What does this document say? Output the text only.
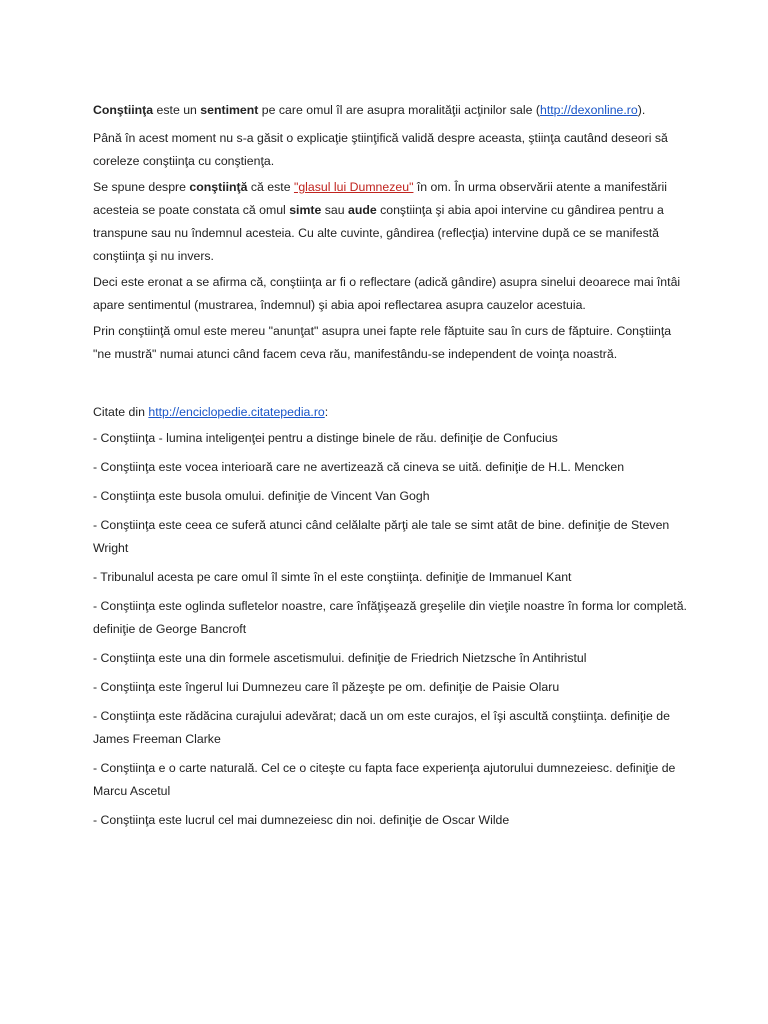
Conştiinţa este un sentiment pe care omul îl are asupra moralităţii acţinilor sale (http://dexonline.ro).

Până în acest moment nu s-a găsit o explicaţie ştiinţifică validă despre aceasta, ştiinţa cautând deseori să coreleze conştiinţa cu conştienţa.

Se spune despre conştiinţă că este "glasul lui Dumnezeu" în om. În urma observării atente a manifestării acesteia se poate constata că omul simte sau aude conştiinţa şi abia apoi intervine cu gândirea pentru a transpune sau nu îndemnul acesteia. Cu alte cuvinte, gândirea (reflecţia) intervine după ce se manifestă conştiinţa şi nu invers.

Deci este eronat a se afirma că, conştiinţa ar fi o reflectare (adică gândire) asupra sinelui deoarece mai întâi apare sentimentul (mustrarea, îndemnul) şi abia apoi reflectarea asupra cauzelor acestuia.

Prin conştiinţă omul este mereu "anunţat" asupra unei fapte rele făptuite sau în curs de făptuire. Conştiinţa "ne mustră" numai atunci când facem ceva rău, manifestându-se independent de voinţa noastră.

Citate din http://enciclopedie.citatepedia.ro:

- Conştiinţa - lumina inteligenţei pentru a distinge binele de rău. definiţie de Confucius

- Conştiinţa este vocea interioară care ne avertizează că cineva se uită. definiţie de H.L. Mencken

- Conştiinţa este busola omului. definiţie de Vincent Van Gogh

- Conştiinţa este ceea ce suferă atunci când celălalte părţi ale tale se simt atât de bine. definiţie de Steven Wright

- Tribunalul acesta pe care omul îl simte în el este conştiinţa. definiţie de Immanuel Kant

- Conştiinţa este oglinda sufletelor noastre, care înfăţişează greşelile din vieţile noastre în forma lor completă. definiţie de George Bancroft

- Conştiinţa este una din formele ascetismului. definiţie de Friedrich Nietzsche în Antihristul

- Conştiinţa este îngerul lui Dumnezeu care îl păzeşte pe om. definiţie de Paisie Olaru

- Conştiinţa este rădăcina curajului adevărat; dacă un om este curajos, el îşi ascultă conştiinţa. definiţie de James Freeman Clarke

- Conştiinţa e o carte naturală. Cel ce o citeşte cu fapta face experienţa ajutorului dumnezeiesc. definiţie de Marcu Ascetul

- Conştiinţa este lucrul cel mai dumnezeiesc din noi. definiţie de Oscar Wilde
